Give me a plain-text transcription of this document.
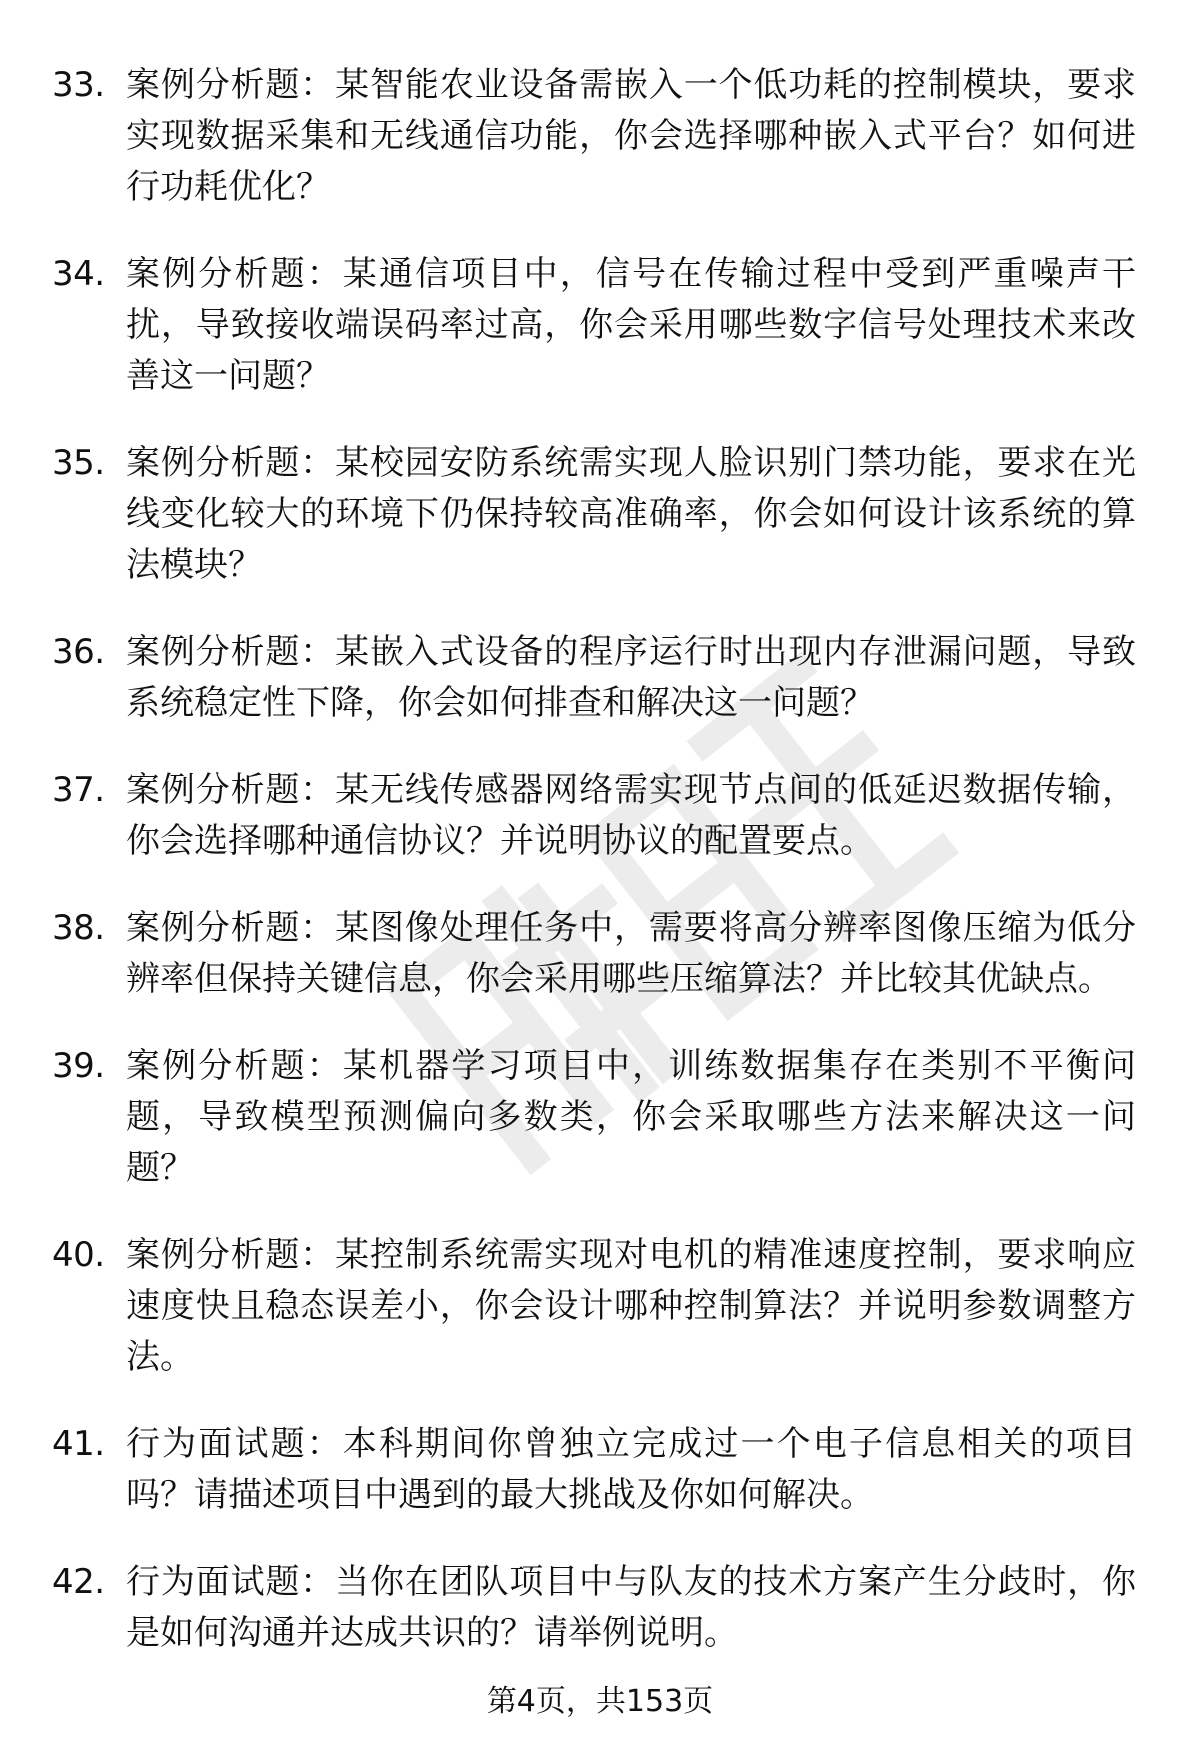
33. 案例分析题：某智能农业设备需嵌入一个低功耗的控制模块，要求实现数据采集和无线通信功能，你会选择哪种嵌入式平台？如何进行功耗优化？
34. 案例分析题：某通信项目中，信号在传输过程中受到严重噪声干扰，导致接收端误码率过高，你会采用哪些数字信号处理技术来改善这一问题？
35. 案例分析题：某校园安防系统需实现人脸识别门禁功能，要求在光线变化较大的环境下仍保持较高准确率，你会如何设计该系统的算法模块？
36. 案例分析题：某嵌入式设备的程序运行时出现内存泄漏问题，导致系统稳定性下降，你会如何排查和解决这一问题？
37. 案例分析题：某无线传感器网络需实现节点间的低延迟数据传输，你会选择哪种通信协议？并说明协议的配置要点。
38. 案例分析题：某图像处理任务中，需要将高分辨率图像压缩为低分辨率但保持关键信息，你会采用哪些压缩算法？并比较其优缺点。
39. 案例分析题：某机器学习项目中，训练数据集存在类别不平衡问题，导致模型预测偏向多数类，你会采取哪些方法来解决这一问题？
40. 案例分析题：某控制系统需实现对电机的精准速度控制，要求响应速度快且稳态误差小，你会设计哪种控制算法？并说明参数调整方法。
41. 行为面试题：本科期间你曾独立完成过一个电子信息相关的项目吗？请描述项目中遇到的最大挑战及你如何解决。
42. 行为面试题：当你在团队项目中与队友的技术方案产生分歧时，你是如何沟通并达成共识的？请举例说明。
第4页，共153页
